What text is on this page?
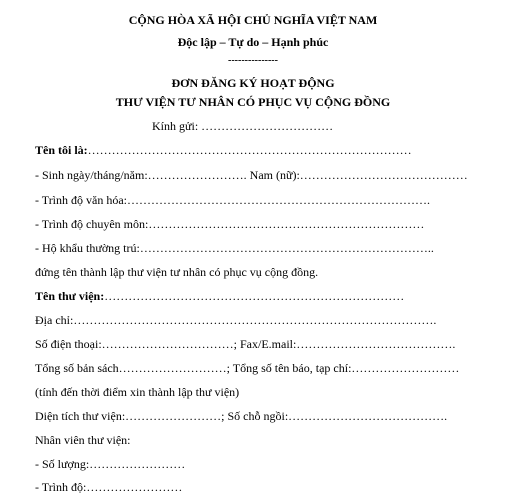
CỘNG HÒA XÃ HỘI CHỦ NGHĨA VIỆT NAM
Độc lập – Tự do – Hạnh phúc
---------------
ĐƠN ĐĂNG KÝ HOẠT ĐỘNG
THƯ VIỆN TƯ NHÂN CÓ PHỤC VỤ CỘNG ĐỒNG
Kính gửi: ……………………………
Tên tôi là:………………………………………………………………………
- Sinh ngày/tháng/năm:……………………. Nam (nữ):……………………………………
- Trình độ văn hóa:………………………………………………………………….
- Trình độ chuyên môn:……………………………………………………………
- Hộ khẩu thường trú:………………………………………………………………..
đứng tên thành lập thư viện tư nhân có phục vụ cộng đồng.
Tên thư viện:…………………………………………………………………
Địa chỉ:……………………………………………………………………………….
Số điện thoại:……………………………; Fax/E.mail:………………………………….
Tổng số bản sách………………………; Tổng số tên báo, tạp chí:………………………
(tính đến thời điểm xin thành lập thư viện)
Diện tích thư viện:……………………; Số chỗ ngồi:………………………………….
Nhân viên thư viện:
- Số lượng:……………………
- Trình độ:……………………
